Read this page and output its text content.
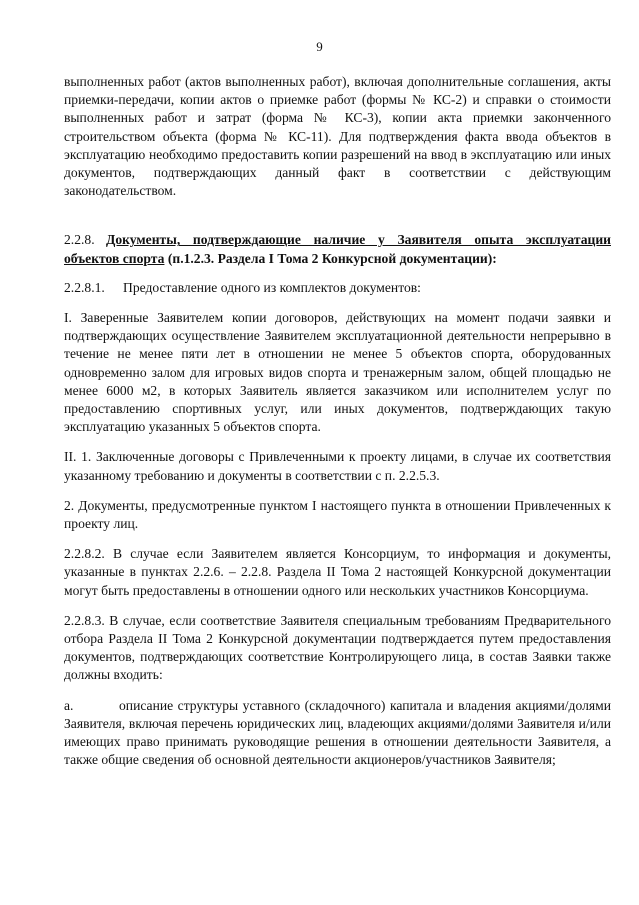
9

выполненных работ (актов выполненных работ), включая дополнительные соглашения, акты приемки-передачи, копии актов о приемке работ (формы № КС-2) и справки о стоимости выполненных работ и затрат (форма № КС-3), копии акта приемки законченного строительством объекта (форма № КС-11). Для подтверждения факта ввода объектов в эксплуатацию необходимо предоставить копии разрешений на ввод в эксплуатацию или иных документов, подтверждающих данный факт в соответствии с действующим законодательством.

2.2.8. Документы, подтверждающие наличие у Заявителя опыта эксплуатации объектов спорта (п.1.2.3. Раздела I Тома 2 Конкурсной документации):

2.2.8.1. Предоставление одного из комплектов документов:

I. Заверенные Заявителем копии договоров, действующих на момент подачи заявки и подтверждающих осуществление Заявителем эксплуатационной деятельности непрерывно в течение не менее пяти лет в отношении не менее 5 объектов спорта, оборудованных одновременно залом для игровых видов спорта и тренажерным залом, общей площадью не менее 6000 м2, в которых Заявитель является заказчиком или исполнителем услуг по предоставлению спортивных услуг, или иных документов, подтверждающих такую эксплуатацию указанных 5 объектов спорта.

II. 1. Заключенные договоры с Привлеченными к проекту лицами, в случае их соответствия указанному требованию и документы в соответствии с п. 2.2.5.3.

2. Документы, предусмотренные пунктом I настоящего пункта в отношении Привлеченных к проекту лиц.

2.2.8.2. В случае если Заявителем является Консорциум, то информация и документы, указанные в пунктах 2.2.6. – 2.2.8. Раздела II Тома 2 настоящей Конкурсной документации могут быть предоставлены в отношении одного или нескольких участников Консорциума.

2.2.8.3. В случае, если соответствие Заявителя специальным требованиям Предварительного отбора Раздела II Тома 2 Конкурсной документации подтверждается путем предоставления документов, подтверждающих соответствие Контролирующего лица, в состав Заявки также должны входить:

а.	описание структуры уставного (складочного) капитала и владения акциями/долями Заявителя, включая перечень юридических лиц, владеющих акциями/долями Заявителя и/или имеющих право принимать руководящие решения в отношении деятельности Заявителя, а также общие сведения об основной деятельности акционеров/участников Заявителя;
